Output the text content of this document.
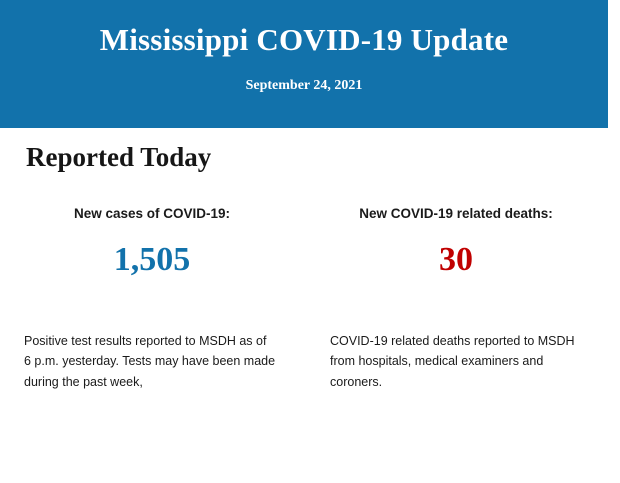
Mississippi COVID-19 Update
September 24, 2021
Reported Today
New cases of COVID-19:
1,505
Positive test results reported to MSDH as of 6 p.m. yesterday. Tests may have been made during the past week,
New COVID-19 related deaths:
30
COVID-19 related deaths reported to MSDH from hospitals, medical examiners and coroners.
